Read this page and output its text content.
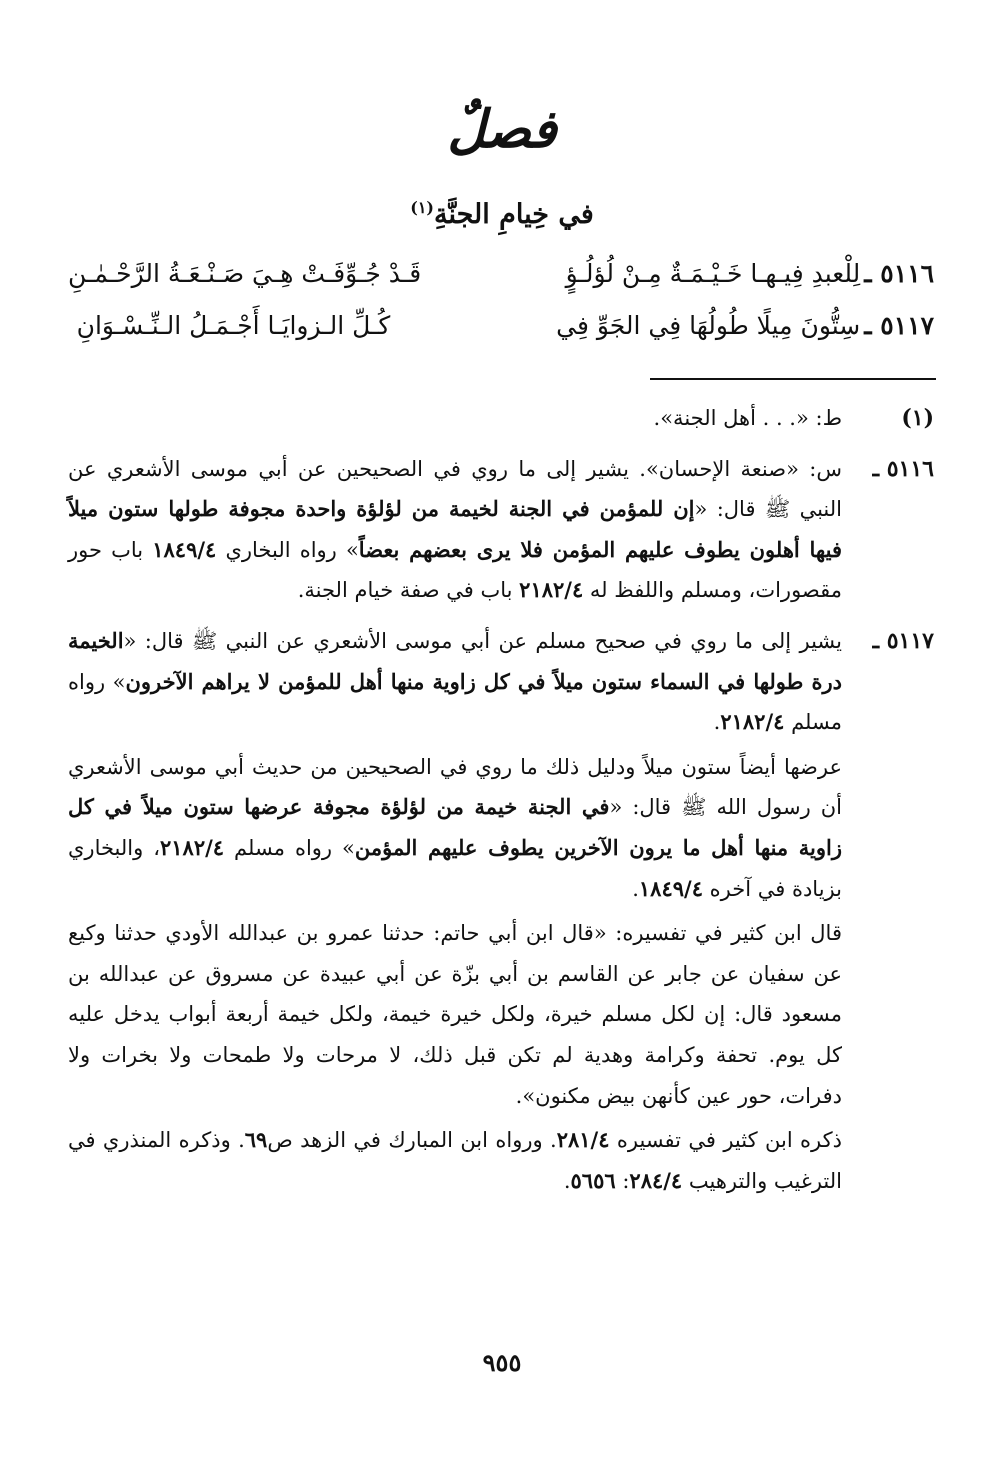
فصلٌ
في خِيامِ الجنَّةِ$^{(١)}$
٥١١٦ ـ
لِلْعبدِ فِيـهـا خَـيْـمَـةٌ مِـنْ لُؤلُـؤٍ
قَـدْ جُـوِّفَـتْ هِـيَ صَـنْـعَـةُ الرَّحْـمٰـنِ
٥١١٧ ـ
سِتُّونَ مِيلًا طُولُهَا فِي الجَوِّ فِي
كُـلِّ الـزوايَـا أَجْـمَـلُ الـنِّـسْـوَانِ
(١)

ط: «. . . أهل الجنة».

٥١١٦ ـ

س: «صنعة الإحسان». يشير إلى ما روي في الصحيحين عن أبي موسى الأشعري عن النبي ﷺ قال: «إن للمؤمن في الجنة لخيمة من لؤلؤة واحدة مجوفة طولها ستون ميلاً فيها أهلون يطوف عليهم المؤمن فلا يرى بعضهم بعضاً» رواه البخاري ١٨٤٩/٤ باب حور مقصورات، ومسلم واللفظ له ٢١٨٢/٤ باب في صفة خيام الجنة.

٥١١٧ ـ

يشير إلى ما روي في صحيح مسلم عن أبي موسى الأشعري عن النبي ﷺ قال: «الخيمة درة طولها في السماء ستون ميلاً في كل زاوية منها أهل للمؤمن لا يراهم الآخرون» رواه مسلم ٢١٨٢/٤.

عرضها أيضاً ستون ميلاً ودليل ذلك ما روي في الصحيحين من حديث أبي موسى الأشعري أن رسول الله ﷺ قال: «في الجنة خيمة من لؤلؤة مجوفة عرضها ستون ميلاً في كل زاوية منها أهل ما يرون الآخرين يطوف عليهم المؤمن» رواه مسلم ٢١٨٢/٤، والبخاري بزيادة في آخره ١٨٤٩/٤.

قال ابن كثير في تفسيره: «قال ابن أبي حاتم: حدثنا عمرو بن عبدالله الأودي حدثنا وكيع عن سفيان عن جابر عن القاسم بن أبي بزّة عن أبي عبيدة عن مسروق عن عبدالله بن مسعود قال: إن لكل مسلم خيرة، ولكل خيرة خيمة، ولكل خيمة أربعة أبواب يدخل عليه كل يوم. تحفة وكرامة وهدية لم تكن قبل ذلك، لا مرحات ولا طمحات ولا بخرات ولا دفرات، حور عين كأنهن بيض مكنون».

ذكره ابن كثير في تفسيره ٢٨١/٤. ورواه ابن المبارك في الزهد ص٦٩. وذكره المنذري في الترغيب والترهيب ٢٨٤/٤: ٥٦٥٦.

٩٥٥
